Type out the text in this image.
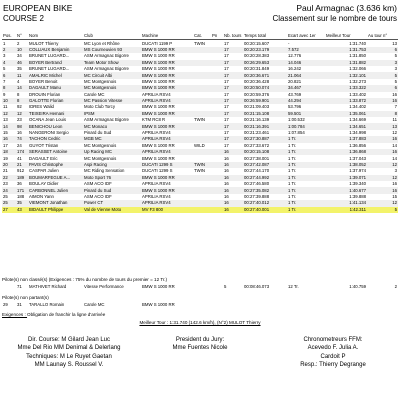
EUROPEAN BIKE	Paul Armagnac (3.636 km)
COURSE 2	Classement sur le nombre de tours
Pos.	N°	Nom	Club	Machine	Cat.	Pn	Nb. tours	Temps total	Ecart avec 1er	Meilleur Tour	Au tour n°
1	2	MULOT Thierry	MC Lyon et Rhône	DUCATI 1199 P	TWIN		17	00:20:15.607	-	1:31.740	13
2	10	COLLIAUX Benjamin	MS Courneuvien 93	BMW S 1000 RR			17	00:20:23.179	7.572	1:31.753	6
3	34	BRUNET LUGARD...	ASM Armagnac Bigorre	BMW S 1000 RR			17	00:20:28.383	12.776	1:31.850	5
4	46	BOYER Bertrand	Team Motor Show	BMW S 1000 RR			17	00:26:29.653	14.046	1:31.882	3
5	35	BRUNET LUGARD...	ASM Armagnac Bigorre	BMW S 1000 RR			17	00:20:31.849	16.242	1:32.066	3
6	11	AMALRIC Michel	MC Circuit Albi	BMW S 1000 RR			17	00:20:36.671	21.064	1:32.101	5
7	4	BOYER Benoit	MC Montgesnois	BMW S 1000 RR			17	00:20:36.428	20.821	1:32.273	5
8	14	DAGAULT Manu	MC Montgesnois	BMW S 1000 RR			17	00:20:50.074	34.467	1:33.322	6
9	8	DROUIN Florian	Carole MC	APRILIA RSV4			17	00:20:59.376	43.769	1:33.402	16
10	8	GALOTTE Florian	MC Passion Vitesse	APRILIA RSV4			17	00:26:59.901	44.294	1:33.872	16
11	92	IDRES Walid	Moto Club Torcy	BMW S 1000 RR			17	00:21:09.403	53.796	1:34.402	7
12	12	TEIXEIRA Hemani	IPSM	BMW S 1000 RR			17	00:21:15.108	59.501	1:35.061	8
13	23	OCANA Jean Louis	ASM Armagnac Bigorre	KTM RC8 R	TWIN		17	00:21:16.139	1:00.532	1:34.669	11
14	98	BENICHOU Leon	MC Monaco	BMW S 1000 RR			17	00:21:16.391	1:00.784	1:34.651	13
15	16	NANGERONI Sergio	Pinard du Sud	APRILIA RSV4			17	00:21:23.461	1:07.854	1:34.998	12
16	74	TACHON Cedric	MGB MC	APRILIA RSV4			17	00:27:30.887	1 Tr.	1:37.883	16
17	24	GUYOT Tristan	MC Montgesnois	BMW S 1000 RR	WILD		17	00:27:33.672	1 Tr.	1:36.856	14
18	174	SERASSET Antoine	Up Racing MC	APRILIA RSV4			16	00:20:15.108	1 Tr.	1:36.868	16
19	41	DAGAULT Eric	MC Montgesnois	BMW S 1000 RR			16	00:27:38.001	1 Tr.	1:37.043	14
20	21	PAVIS Christophe	Aspi Racing	DUCATI 1299 S	TWIN		16	00:27:42.087	1 Tr.	1:38.052	12
21	912	CASPAR Julien	MC Riding Sensation	DUCATI 1299 S	TWIN		16	00:27:44.170	1 Tr.	1:37.974	3
22	189	BOUMARFEGUE A...	Moto Sport 76	BMW S 1000 RR			16	00:27:44.992	1 Tr.	1:39.071	12
23	36	BOULAY Didier	ASM ACO IDF	APRILIA RSV4			16	00:27:46.580	1 Tr.	1:39.340	16
24	171	CARBONNEL Julien	Pinard du Sud	BMW S 1000 RR			16	00:27:35.082	1 Tr.	1:40.677	16
25	188	AIMON Yann	ASM ACO IDF	APRILIA RSV4			16	00:27:39.888	1 Tr.	1:39.888	15
25	35	VIEMONT Jonathan	Power CT	APRILIA RSV4			16	00:27:40.012	1 Tr.	1:41.134	12
27	43	BIDAULT Philippe	Val de Vienne Moto	MV F3 800			16	00:27:40.001	1 Tr.	1:42.311	5
Pilote(s) non classé(s) (Exigences : 75% du nombre de tours du premier = 12 Tr.)
	71	MATHIVET Richard	Vitesse Performance	BMW S 1000 RR			5	00:08:46.073	12 Tr.	1:40.759	2
Pilote(s) non partant(s)
29	31	TARALLO Romain	Carole MC	BMW S 1000 RR							
Exigences : Obligation de franchir la ligne d'arrivée
Meilleur Tour : 1:31.740 (142.6 km/h), (N°2) MULOT Thierry
Dir. Course: M Gilard Jean Luc
Mme Del Rio MM Denimal & Delerlang
Techniques: M Le Ruyet Gaetan
MM Launay S. Roussel V.
President du Jury:
Mme Fuentes Nicole
Chronometreurs FFM:
Acevedo F. Julia A.
Cardoit P
Resp.: Thierry Degrange
